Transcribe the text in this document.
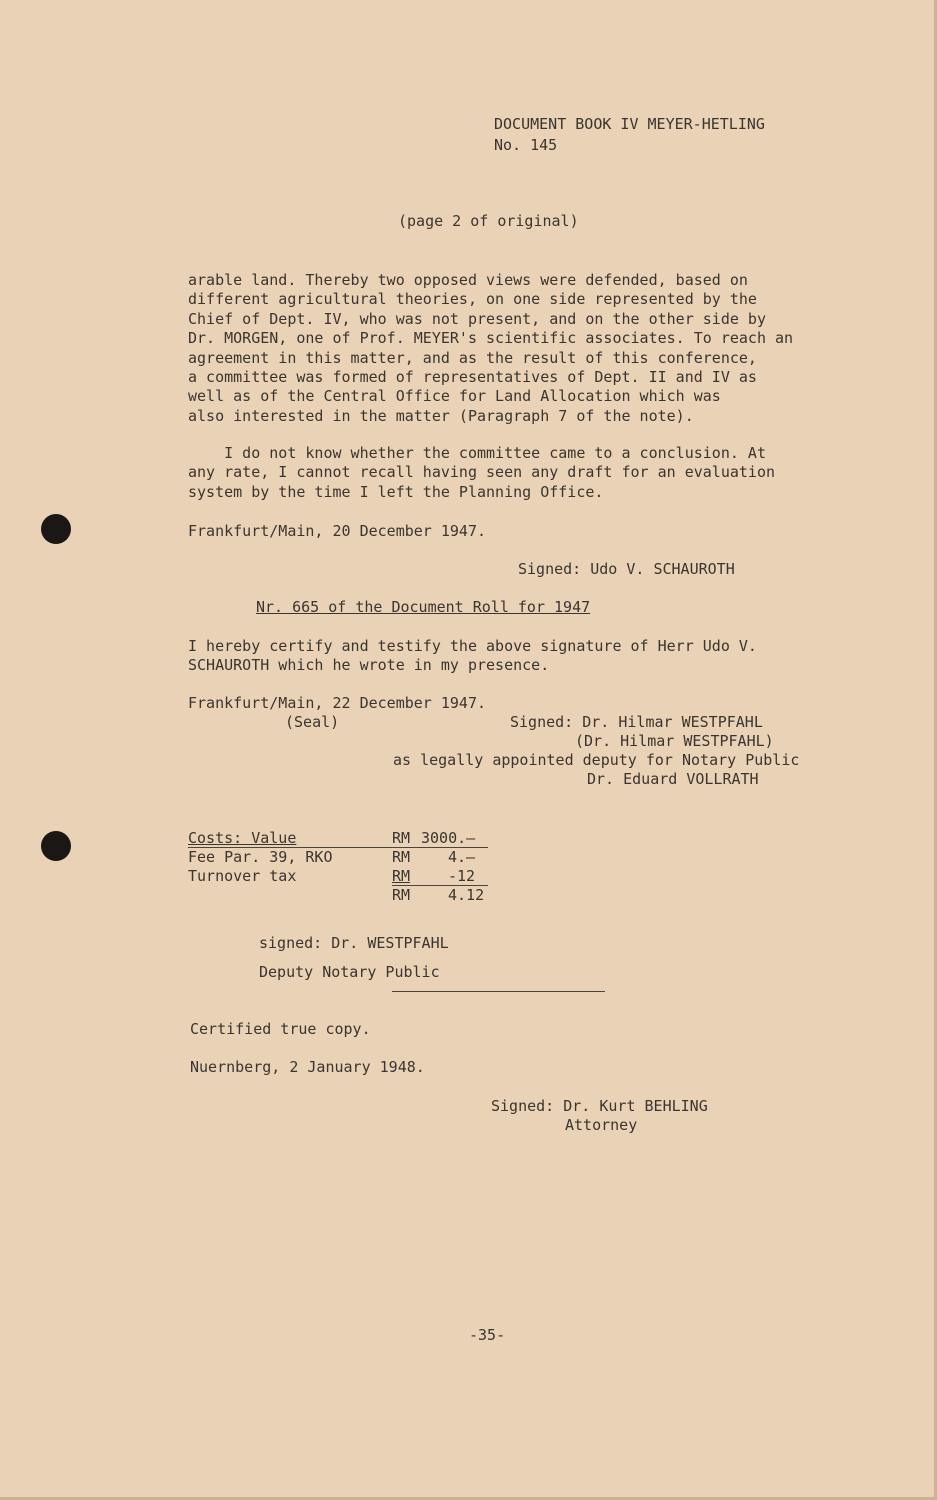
DOCUMENT BOOK IV MEYER-HETLING
No. 145
(page 2 of original)
arable land. Thereby two opposed views were defended, based on
different agricultural theories, on one side represented by the
Chief of Dept. IV, who was not present, and on the other side by
Dr. MORGEN, one of Prof. MEYER's scientific associates. To reach an
agreement in this matter, and as the result of this conference,
a committee was formed of representatives of Dept. II and IV as
well as of the Central Office for Land Allocation which was
also interested in the matter (Paragraph 7 of the note).
I do not know whether the committee came to a conclusion. At
any rate, I cannot recall having seen any draft for an evaluation
system by the time I left the Planning Office.
Frankfurt/Main, 20 December 1947.
Signed: Udo V. SCHAUROTH
Nr. 665 of the Document Roll for 1947
I hereby certify and testify the above signature of Herr Udo V.
SCHAUROTH which he wrote in my presence.
Frankfurt/Main, 22 December 1947.
(Seal)	Signed: Dr. Hilmar WESTPFAHL
(Dr. Hilmar WESTPFAHL)
as legally appointed deputy for Notary Public
Dr. Eduard VOLLRATH
Costs: Value	RM 3000.—
Fee Par. 39, RKO	RM	4.—
Turnover tax	RM	-12
RM	4.12
signed: Dr. WESTPFAHL
Deputy Notary Public
Certified true copy.
Nuernberg, 2 January 1948.
Signed: Dr. Kurt BEHLING
Attorney
-35-
